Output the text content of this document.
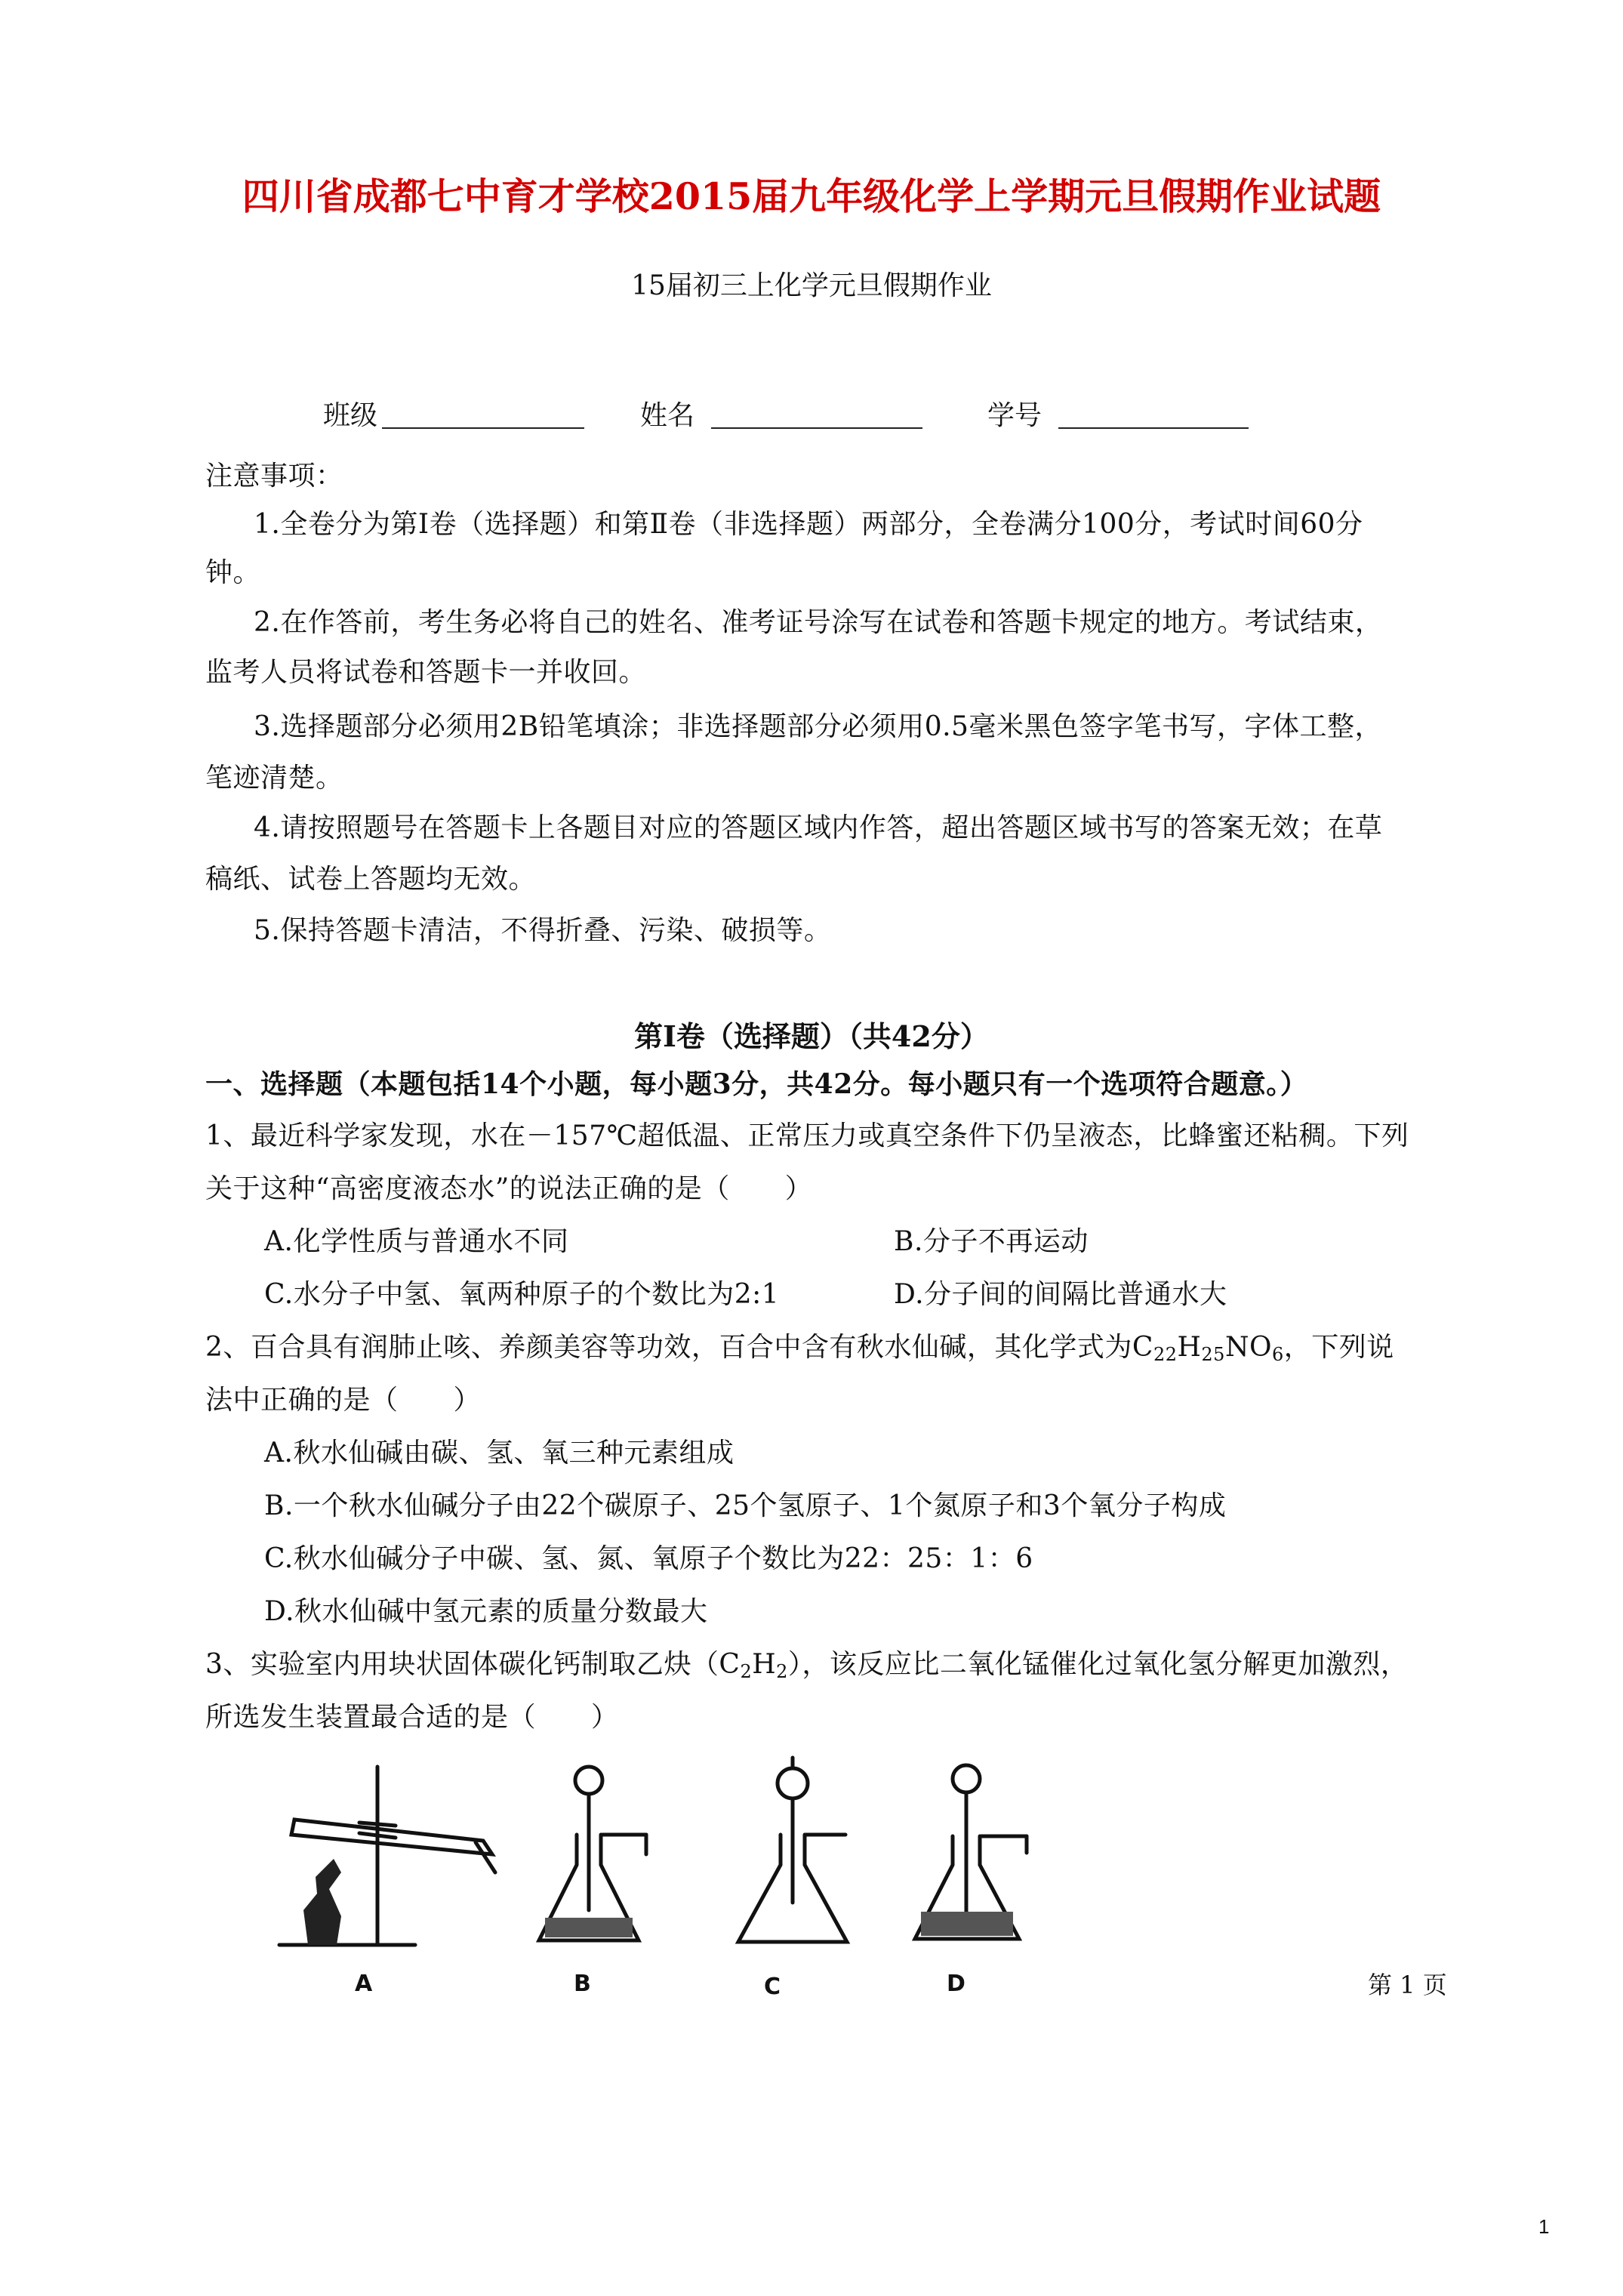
四川省成都七中育才学校2015届九年级化学上学期元旦假期作业试题
15届初三上化学元旦假期作业
班级	姓名	学号
注意事项：
1.全卷分为第Ⅰ卷（选择题）和第Ⅱ卷（非选择题）两部分，全卷满分100分，考试时间60分
钟。
2.在作答前，考生务必将自己的姓名、准考证号涂写在试卷和答题卡规定的地方。考试结束，
监考人员将试卷和答题卡一并收回。
3.选择题部分必须用2B铅笔填涂；非选择题部分必须用0.5毫米黑色签字笔书写，字体工整，
笔迹清楚。
4.请按照题号在答题卡上各题目对应的答题区域内作答，超出答题区域书写的答案无效；在草
稿纸、试卷上答题均无效。
5.保持答题卡清洁，不得折叠、污染、破损等。
第Ⅰ卷（选择题）（共42分）
一、选择题（本题包括14个小题，每小题3分，共42分。每小题只有一个选项符合题意。）
1、最近科学家发现，水在－157℃超低温、正常压力或真空条件下仍呈液态，比蜂蜜还粘稠。下列
关于这种“高密度液态水”的说法正确的是（　　）
A.化学性质与普通水不同	B.分子不再运动
C.水分子中氢、氧两种原子的个数比为2:1	D.分子间的间隔比普通水大
2、百合具有润肺止咳、养颜美容等功效，百合中含有秋水仙碱，其化学式为$C_{22}H_{25}NO_6$，下列说
法中正确的是（　　）
A.秋水仙碱由碳、氢、氧三种元素组成
B.一个秋水仙碱分子由22个碳原子、25个氢原子、1个氮原子和3个氧分子构成
C.秋水仙碱分子中碳、氢、氮、氧原子个数比为22：25：1：6
D.秋水仙碱中氢元素的质量分数最大
3、实验室内用块状固体碳化钙制取乙炔$(C_2H_2)$，该反应比二氧化锰催化过氧化氢分解更加激烈，
所选发生装置最合适的是（　　）
A	B	C	D	第 1 页
1
